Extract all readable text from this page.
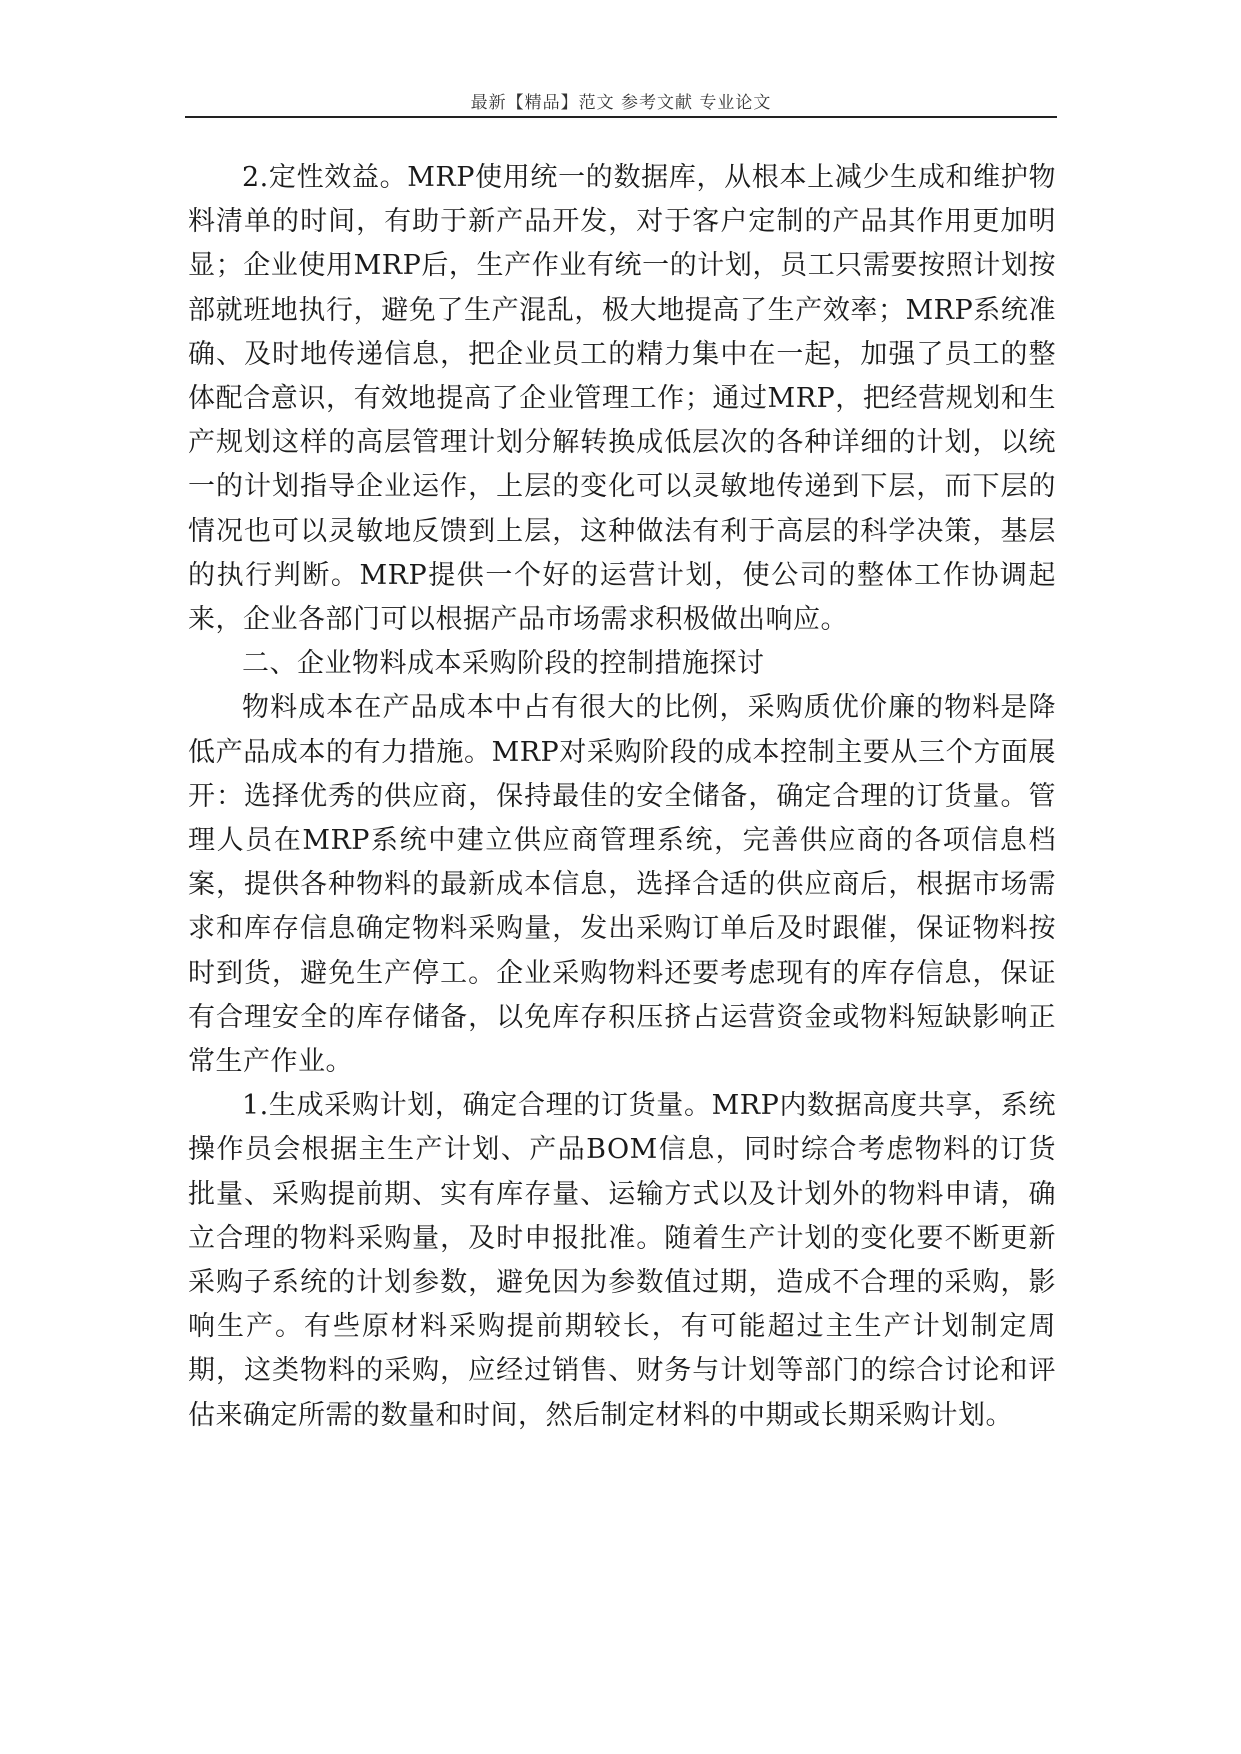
最新【精品】范文 参考文献 专业论文

2.定性效益。MRP使用统一的数据库，从根本上减少生成和维护物料清单的时间，有助于新产品开发，对于客户定制的产品其作用更加明显；企业使用MRP后，生产作业有统一的计划，员工只需要按照计划按部就班地执行，避免了生产混乱，极大地提高了生产效率；MRP系统准确、及时地传递信息，把企业员工的精力集中在一起，加强了员工的整体配合意识，有效地提高了企业管理工作；通过MRP，把经营规划和生产规划这样的高层管理计划分解转换成低层次的各种详细的计划，以统一的计划指导企业运作，上层的变化可以灵敏地传递到下层，而下层的情况也可以灵敏地反馈到上层，这种做法有利于高层的科学决策，基层的执行判断。MRP提供一个好的运营计划，使公司的整体工作协调起来，企业各部门可以根据产品市场需求积极做出响应。

二、企业物料成本采购阶段的控制措施探讨

物料成本在产品成本中占有很大的比例，采购质优价廉的物料是降低产品成本的有力措施。MRP对采购阶段的成本控制主要从三个方面展开：选择优秀的供应商，保持最佳的安全储备，确定合理的订货量。管理人员在MRP系统中建立供应商管理系统，完善供应商的各项信息档案，提供各种物料的最新成本信息，选择合适的供应商后，根据市场需求和库存信息确定物料采购量，发出采购订单后及时跟催，保证物料按时到货，避免生产停工。企业采购物料还要考虑现有的库存信息，保证有合理安全的库存储备，以免库存积压挤占运营资金或物料短缺影响正常生产作业。

1.生成采购计划，确定合理的订货量。MRP内数据高度共享，系统操作员会根据主生产计划、产品BOM信息，同时综合考虑物料的订货批量、采购提前期、实有库存量、运输方式以及计划外的物料申请，确立合理的物料采购量，及时申报批准。随着生产计划的变化要不断更新采购子系统的计划参数，避免因为参数值过期，造成不合理的采购，影响生产。有些原材料采购提前期较长，有可能超过主生产计划制定周期，这类物料的采购，应经过销售、财务与计划等部门的综合讨论和评估来确定所需的数量和时间，然后制定材料的中期或长期采购计划。
